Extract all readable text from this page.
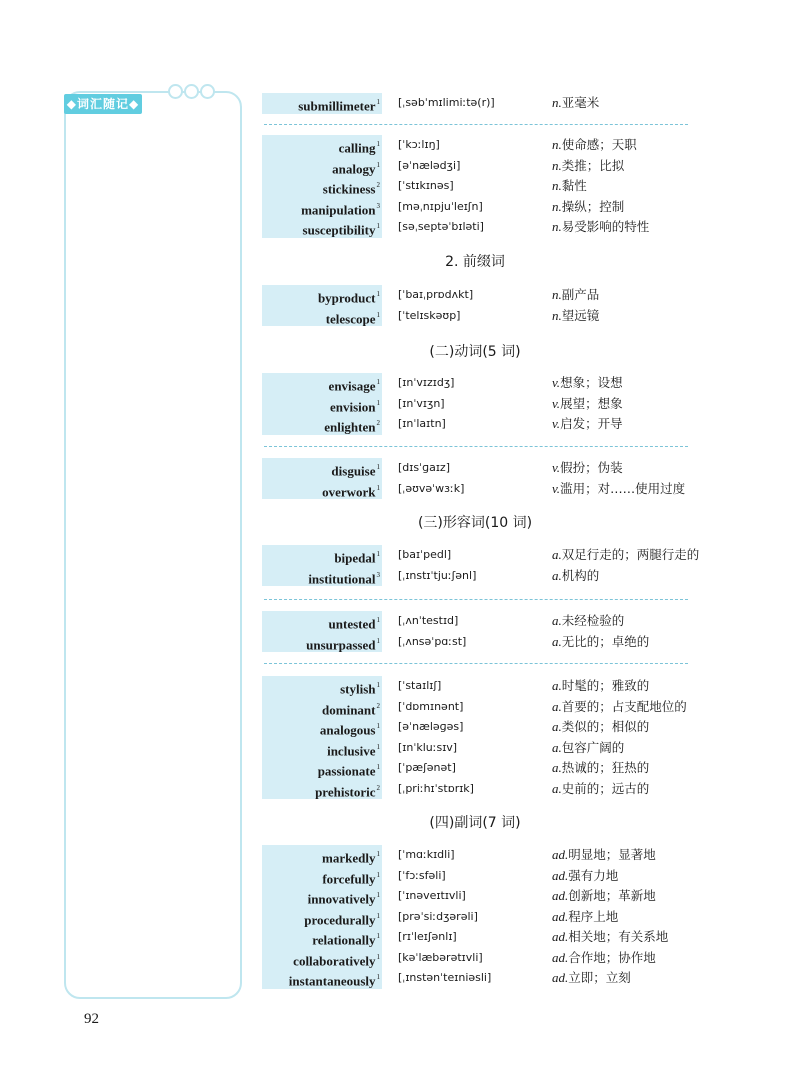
◆词汇随记◆
2. 前缀词
(二)动词(5 词)
(三)形容词(10 词)
(四)副词(7 词)
submillimeter$^1$ [ˌsəbˈmɪlimiːtə(r)]	n.亚毫米
calling$^1$ [ˈkɔːlɪŋ]	n.使命感；天职
analogy$^1$ [əˈnælədʒi]	n.类推；比拟
stickiness$^2$ [ˈstɪkɪnəs]	n.黏性
manipulation$^3$ [məˌnɪpjuˈleɪʃn]	n.操纵；控制
susceptibility$^1$ [səˌseptəˈbɪləti]	n.易受影响的特性
byproduct$^1$ [ˈbaɪˌprɒdʌkt]	n.副产品
telescope$^1$ [ˈtelɪskəʊp]	n.望远镜
envisage$^1$ [ɪnˈvɪzɪdʒ]	v.想象；设想
envision$^1$ [ɪnˈvɪʒn]	v.展望；想象
enlighten$^2$ [ɪnˈlaɪtn]	v.启发；开导
disguise$^1$ [dɪsˈɡaɪz]	v.假扮；伪装
overwork$^1$ [ˌəʊvəˈwɜːk]	v.滥用；对……使用过度
bipedal$^1$ [baɪˈpedl]	a.双足行走的；两腿行走的
institutional$^3$ [ˌɪnstɪˈtjuːʃənl]	a.机构的
untested$^1$ [ˌʌnˈtestɪd]	a.未经检验的
unsurpassed$^1$ [ˌʌnsəˈpɑːst]	a.无比的；卓绝的
stylish$^1$ [ˈstaɪlɪʃ]	a.时髦的；雅致的
dominant$^2$ [ˈdɒmɪnənt]	a.首要的；占支配地位的
analogous$^1$ [əˈnæləɡəs]	a.类似的；相似的
inclusive$^1$ [ɪnˈkluːsɪv]	a.包容广阔的
passionate$^1$ [ˈpæʃənət]	a.热诚的；狂热的
prehistoric$^2$ [ˌpriːhɪˈstɒrɪk]	a.史前的；远古的
markedly$^1$ [ˈmɑːkɪdli]	ad.明显地；显著地
forcefully$^1$ [ˈfɔːsfəli]	ad.强有力地
innovatively$^1$ [ˈɪnəveɪtɪvli]	ad.创新地；革新地
procedurally$^1$ [prəˈsiːdʒərəli]	ad.程序上地
relationally$^1$ [rɪˈleɪʃənlɪ]	ad.相关地；有关系地
collaboratively$^1$ [kəˈlæbərətɪvli]	ad.合作地；协作地
instantaneously$^1$ [ˌɪnstənˈteɪniəsli]	ad.立即；立刻
92
